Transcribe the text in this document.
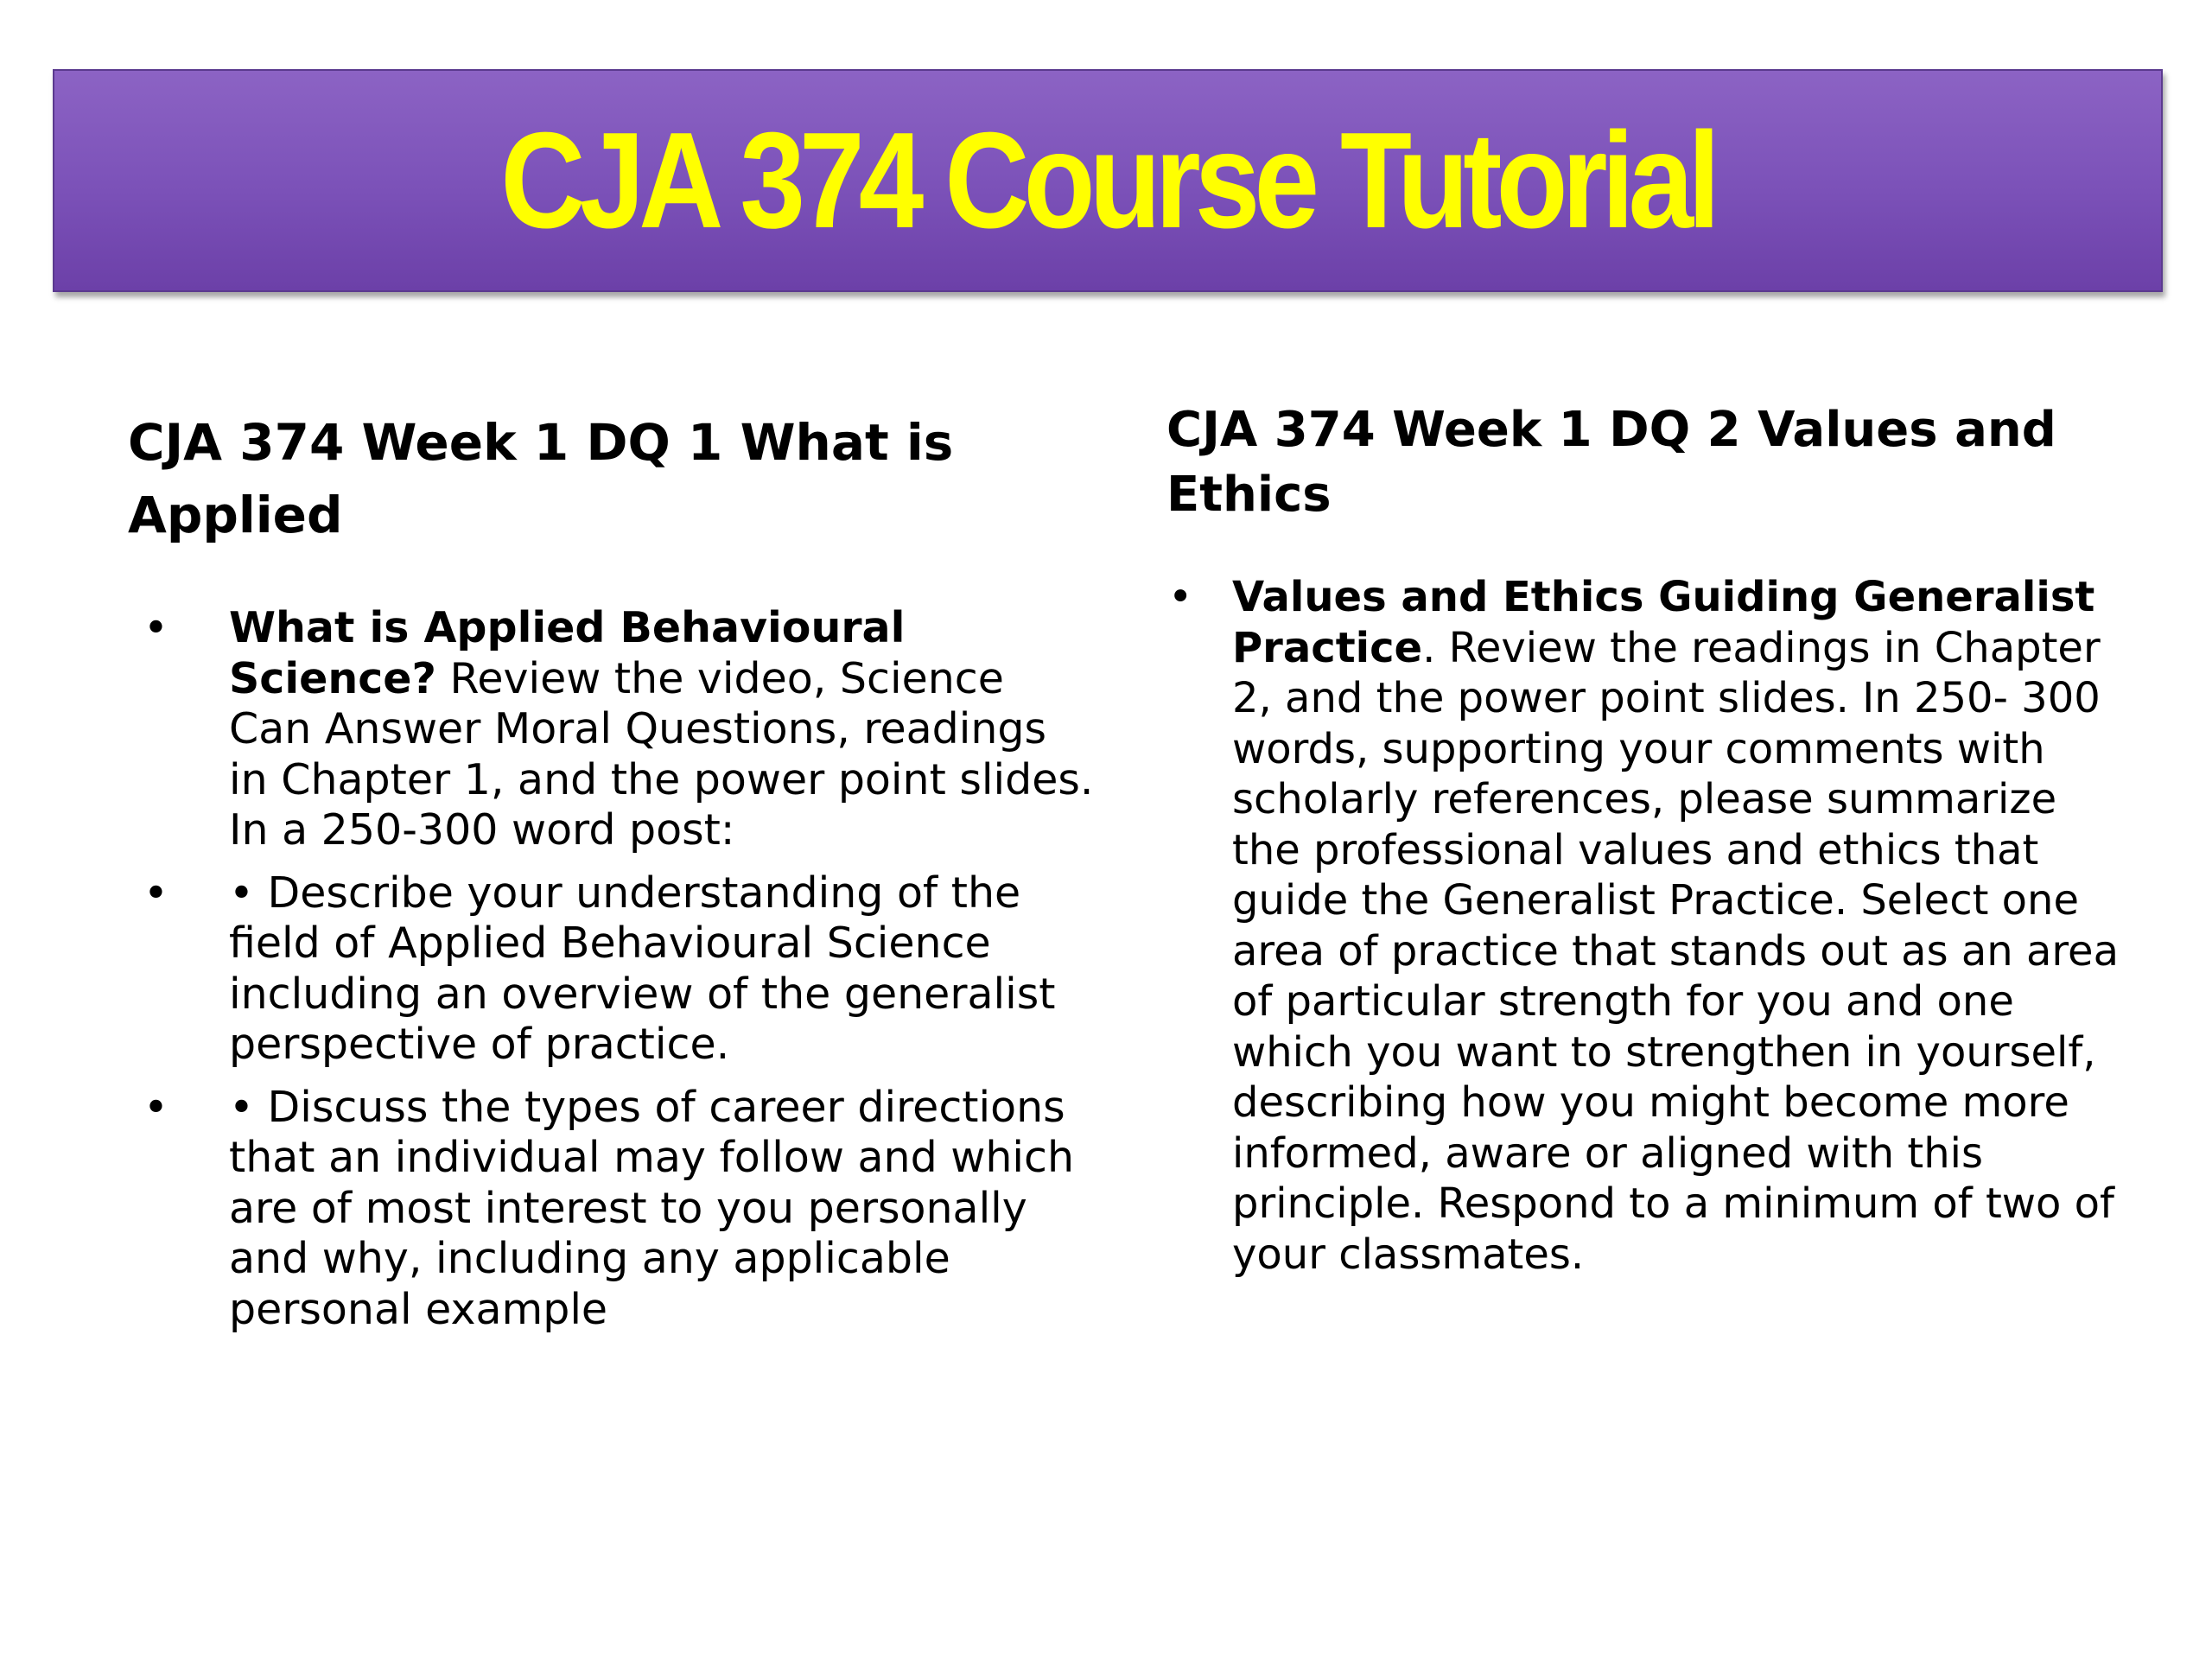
CJA 374 Course Tutorial
CJA 374 Week 1 DQ 1 What is Applied
• What is Applied Behavioural Science? Review the video, Science Can Answer Moral Questions, readings in Chapter 1, and the power point slides. In a 250-300 word post:
• • Describe your understanding of the field of Applied Behavioural Science including an overview of the generalist perspective of practice.
• • Discuss the types of career directions that an individual may follow and which are of most interest to you personally and why, including any applicable personal example
CJA 374 Week 1 DQ 2 Values and Ethics
• Values and Ethics Guiding Generalist Practice. Review the readings in Chapter 2, and the power point slides. In 250- 300 words, supporting your comments with scholarly references, please summarize the professional values and ethics that guide the Generalist Practice. Select one area of practice that stands out as an area of particular strength for you and one which you want to strengthen in yourself, describing how you might become more informed, aware or aligned with this principle. Respond to a minimum of two of your classmates.
